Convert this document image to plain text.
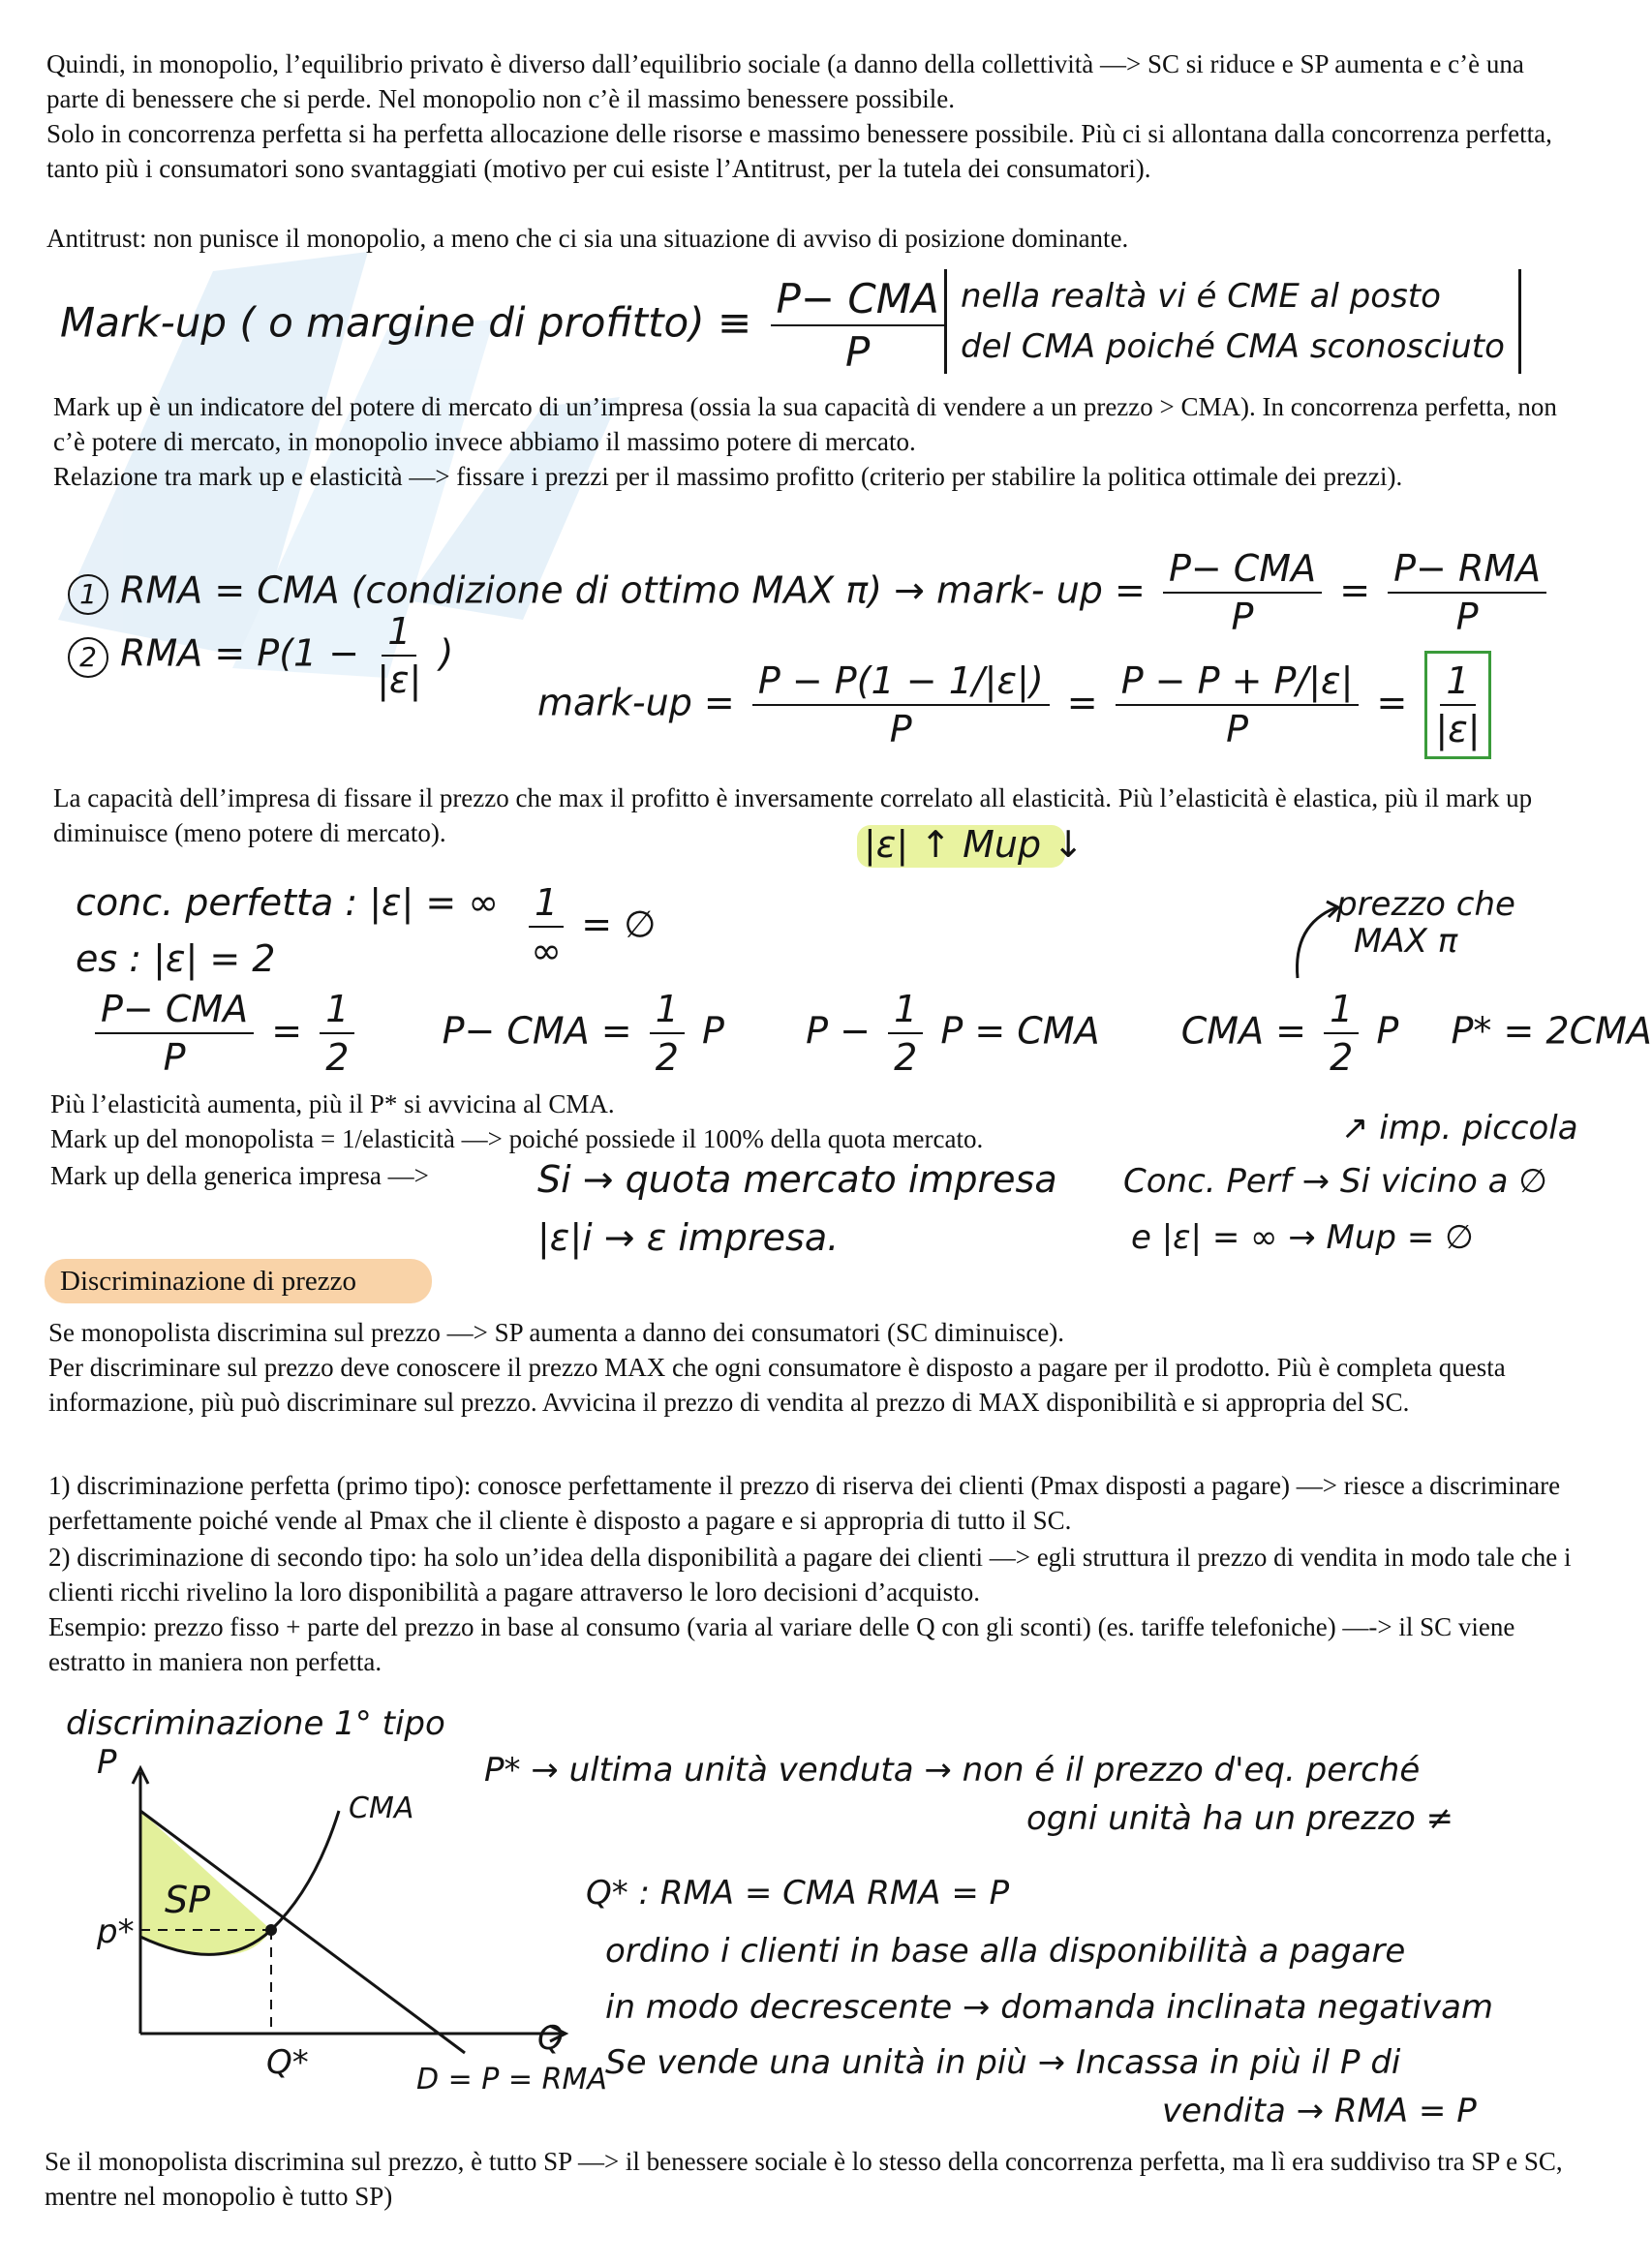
Quindi, in monopolio, l’equilibrio privato è diverso dall’equilibrio sociale (a danno della collettività —> SC si riduce e SP aumenta e c’è una parte di benessere che si perde. Nel monopolio non c’è il massimo benessere possibile.

Solo in concorrenza perfetta si ha perfetta allocazione delle risorse e massimo benessere possibile. Più ci si allontana dalla concorrenza perfetta, tanto più i consumatori sono svantaggiati (motivo per cui esiste l’Antitrust, per la tutela dei consumatori).

Antitrust: non punisce il monopolio, a meno che ci sia una situazione di avviso di posizione dominante.

Mark-up ( o margine di profitto) ≡ $\frac{\text{P− CMA}}{P}$ nella realtà vi é CME al posto
del CMA poiché CMA sconosciuto

Mark up è un indicatore del potere di mercato di un’impresa (ossia la sua capacità di vendere a un prezzo > CMA). In concorrenza perfetta, non c’è potere di mercato, in monopolio invece abbiamo il massimo potere di mercato.

Relazione tra mark up e elasticità —> fissare i prezzi per il massimo profitto (criterio per stabilire la politica ottimale dei prezzi).

1 RMA = CMA (condizione di ottimo MAX π) → mark- up = $\frac{\text{P− CMA}}{P} = \frac{\text{P− RMA}}{P}$
2 RMA = $P(1 - \frac{1}{|\varepsilon|}$ )
mark-up = $\frac{P - P(1 - 1/|\varepsilon|)}{P} = \frac{P - P + P/|\varepsilon|}{P} = \frac{1}{|\varepsilon|}$

La capacità dell’impresa di fissare il prezzo che max il profitto è inversamente correlato all elasticità. Più l’elasticità è elastica, più il mark up diminuisce (meno potere di mercato).	|ε| ↑ Mup ↓
conc. perfetta : |ε| = ∞ $\frac{1}{\infty}$ = ∅
es : |ε| = 2
prezzo che
MAX π
$\frac{\text{P− CMA}}{P} = \frac{1}{2} P-$ CMA = $\frac{1}{2}$ P $P - \frac{1}{2}$ P = CMA CMA = $\frac{1}{2}$ P P* = 2CMA

Più l’elasticità aumenta, più il P* si avvicina al CMA.

Mark up del monopolista = 1/elasticità —> poiché possiede il 100% della quota mercato.

Mark up della generica impresa —>

↗ imp. piccola
Si → quota mercato impresa
|ε|i → ε impresa.
Conc. Perf → Si vicino a ∅
e |ε| = ∞ → Mup = ∅
Discriminazione di prezzo

Se monopolista discrimina sul prezzo —> SP aumenta a danno dei consumatori (SC diminuisce).

Per discriminare sul prezzo deve conoscere il prezzo MAX che ogni consumatore è disposto a pagare per il prodotto. Più è completa questa informazione, più può discriminare sul prezzo. Avvicina il prezzo di vendita al prezzo di MAX disponibilità e si appropria del SC.

1) discriminazione perfetta (primo tipo): conosce perfettamente il prezzo di riserva dei clienti (Pmax disposti a pagare) —> riesce a discriminare perfettamente poiché vende al Pmax che il cliente è disposto a pagare e si appropria di tutto il SC.

2) discriminazione di secondo tipo: ha solo un’idea della disponibilità a pagare dei clienti —> egli struttura il prezzo di vendita in modo tale che i clienti ricchi rivelino la loro disponibilità a pagare attraverso le loro decisioni d’acquisto.

Esempio: prezzo fisso + parte del prezzo in base al consumo (varia al variare delle Q con gli sconti) (es. tariffe telefoniche) —-> il SC viene estratto in maniera non perfetta.

discriminazione 1° tipo
P
Q
p*
Q*
SP
CMA
D = P = RMA
P* → ultima unità venduta → non é il prezzo d'eq. perché
ogni unità ha un prezzo ≠
Q* : RMA = CMA RMA = P
ordino i clienti in base alla disponibilità a pagare
in modo decrescente → domanda inclinata negativam
Se vende una unità in più → Incassa in più il P di
vendita → RMA = P

Se il monopolista discrimina sul prezzo, è tutto SP —> il benessere sociale è lo stesso della concorrenza perfetta, ma lì era suddiviso tra SP e SC, mentre nel monopolio è tutto SP)
